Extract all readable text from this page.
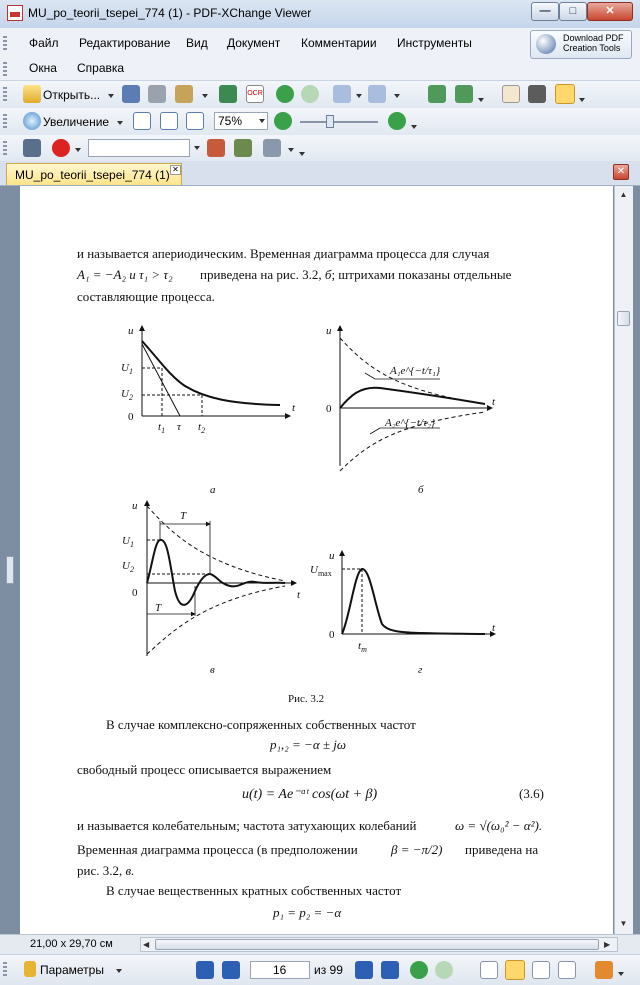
MU_po_teorii_tsepei_774 (1) - PDF-XChange Viewer	—	□	✕
Файл Редактирование Вид Документ Комментарии Инструменты
Окна Справка
Download PDF Creation Tools
Открыть...	OCR
Увеличение	75%
MU_po_teorii_tsepei_774 (1) ✕	✕
и называется апериодическим. Временная диаграмма процесса для случая
A₁ = −A₂ и τ₁ > τ₂ приведена на рис. 3.2, б; штрихами показаны отдельные
составляющие процесса.
u
t
0
$U_1$
$U_2$
$t_1$ τ $t_2$
а
u
t
0
A₁e^{−t/τ₁}
A₂e^{−t/τ₂}
б
u
t
0
$U_1$
$U_2$
T
T
в
u
t
0
$U_{max}$
$t_m$
г
Рис. 3.2
В случае комплексно-сопряженных собственных частот
p₁,₂ = −α ± jω
свободный процесс описывается выражением
u(t) = Ae⁻ᵅᵗ cos(ωt + β)	(3.6)
и называется колебательным; частота затухающих колебаний	ω = √(ω₀² − α²).
Временная диаграмма процесса (в предположении	β = −π/2) приведена на
рис. 3.2, в.
В случае вещественных кратных собственных частот
p₁ = p₂ = −α
▲
▼
21,00 x 29,70 см	◀	▶
Параметры	16 из 99
